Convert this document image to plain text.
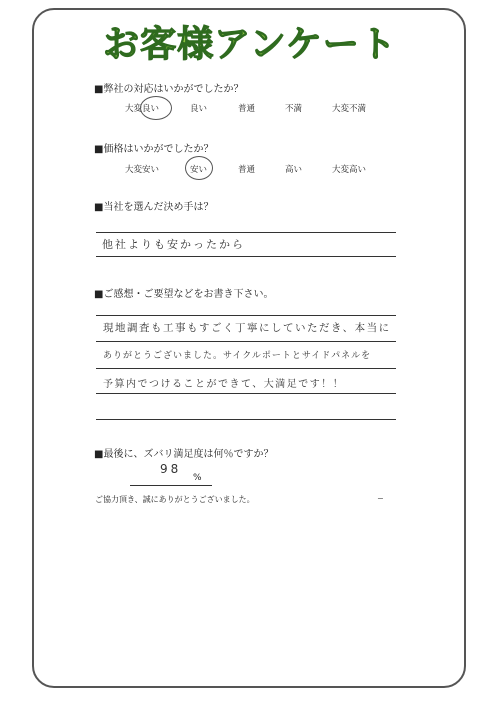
お客様アンケート
■弊社の対応はいかがでしたか？
大変良い	良い	普通	不満	大変不満
■価格はいかがでしたか？
大変安い	安い	普通	高い	大変高い
■当社を選んだ決め手は？
他社よりも安かったから
■ご感想・ご要望などをお書き下さい。
現地調査も工事もすごく丁寧にしていただき、本当に
ありがとうございました。サイクルポートとサイドパネルを
予算内でつけることができて、大満足です！！
■最後に、ズバリ満足度は何％ですか？
98
%
ご協力頂き、誠にありがとうございました。	−
